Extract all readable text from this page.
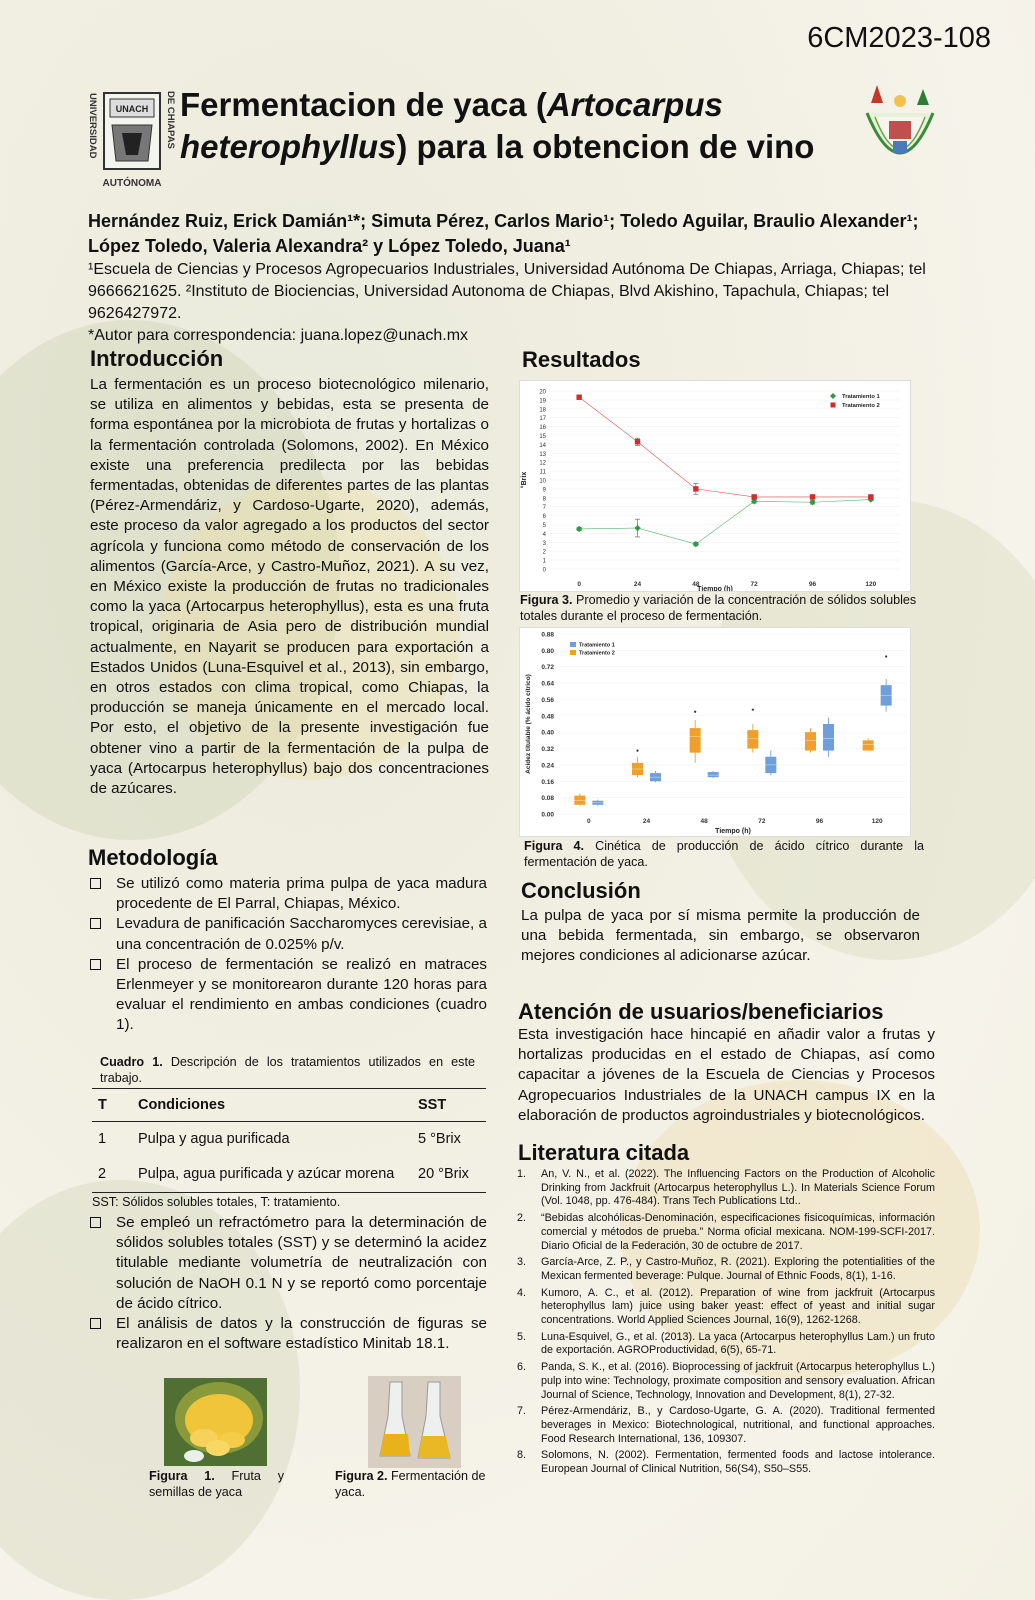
6CM2023-108
UNIVERSIDAD	DE CHIAPAS
UNACH
AUTÓNOMA
Fermentacion de yaca (Artocarpus heterophyllus) para la obtencion de vino
Hernández Ruiz, Erick Damián¹*; Simuta Pérez, Carlos Mario¹; Toledo Aguilar, Braulio Alexander¹; López Toledo, Valeria Alexandra² y López Toledo, Juana¹
¹Escuela de Ciencias y Procesos Agropecuarios Industriales, Universidad Autónoma De Chiapas, Arriaga, Chiapas; tel 9666621625. ²Instituto de Biociencias, Universidad Autonoma de Chiapas, Blvd Akishino, Tapachula, Chiapas; tel 9626427972.
*Autor para correspondencia: juana.lopez@unach.mx
Introducción
La fermentación es un proceso biotecnológico milenario, se utiliza en alimentos y bebidas, esta se presenta de forma espontánea por la microbiota de frutas y hortalizas o la fermentación controlada (Solomons, 2002). En México existe una preferencia predilecta por las bebidas fermentadas, obtenidas de diferentes partes de las plantas (Pérez-Armendáriz, y Cardoso-Ugarte, 2020), además, este proceso da valor agregado a los productos del sector agrícola y funciona como método de conservación de los alimentos (García-Arce, y Castro-Muñoz, 2021). A su vez, en México existe la producción de frutas no tradicionales como la yaca (Artocarpus heterophyllus), esta es una fruta tropical, originaria de Asia pero de distribución mundial actualmente, en Nayarit se producen para exportación a Estados Unidos (Luna-Esquivel et al., 2013), sin embargo, en otros estados con clima tropical, como Chiapas, la producción se maneja únicamente en el mercado local. Por esto, el objetivo de la presente investigación fue obtener vino a partir de la fermentación de la pulpa de yaca (Artocarpus heterophyllus) bajo dos concentraciones de azúcares.
Metodología
Se utilizó como materia prima pulpa de yaca madura procedente de El Parral, Chiapas, México.
Levadura de panificación Saccharomyces cerevisiae, a una concentración de 0.025% p/v.
El proceso de fermentación se realizó en matraces Erlenmeyer y se monitorearon durante 120 horas para evaluar el rendimiento en ambas condiciones (cuadro 1).
Cuadro 1. Descripción de los tratamientos utilizados en este trabajo.
T	Condiciones	SST
1	Pulpa y agua purificada	5 °Brix
2	Pulpa, agua purificada y azúcar morena	20 °Brix
SST: Sólidos solubles totales, T: tratamiento.
Se empleó un refractómetro para la determinación de sólidos solubles totales (SST) y se determinó la acidez titulable mediante volumetría de neutralización con solución de NaOH 0.1 N y se reportó como porcentaje de ácido cítrico.
El análisis de datos y la construcción de figuras se realizaron en el software estadístico Minitab 18.1.
Figura 1. Fruta y semillas de yaca
Figura 2. Fermentación de yaca.
Resultados
0
1
2
3
4
5
6
7
8
9
10
11
12
13
14
15
16
17
18
19
20
0	24	48	72	96	120
Tiempo (h)
°Brix
Tratamiento 1
Tratamiento 2
Figura 3. Promedio y variación de la concentración de sólidos solubles totales durante el proceso de fermentación.
0.00
0.08
0.16
0.24
0.32
0.40
0.48
0.56
0.64
0.72
0.80
0.88
0	24	48	72	96	120
Tiempo (h)
Acidez titulable (% ácido cítrico)
Tratamiento 1
Tratamiento 2
Figura 4. Cinética de producción de ácido cítrico durante la fermentación de yaca.
Conclusión
La pulpa de yaca por sí misma permite la producción de una bebida fermentada, sin embargo, se observaron mejores condiciones al adicionarse azúcar.
Atención de usuarios/beneficiarios
Esta investigación hace hincapié en añadir valor a frutas y hortalizas producidas en el estado de Chiapas, así como capacitar a jóvenes de la Escuela de Ciencias y Procesos Agropecuarios Industriales de la UNACH campus IX en la elaboración de productos agroindustriales y biotecnológicos.
Literatura citada
1. An, V. N., et al. (2022). The Influencing Factors on the Production of Alcoholic Drinking from Jackfruit (Artocarpus heterophyllus L.). In Materials Science Forum (Vol. 1048, pp. 476-484). Trans Tech Publications Ltd..
2. “Bebidas alcohólicas-Denominación, especificaciones fisicoquímicas, información comercial y métodos de prueba.” Norma oficial mexicana. NOM-199-SCFI-2017. Diario Oficial de la Federación, 30 de octubre de 2017.
3. García-Arce, Z. P., y Castro-Muñoz, R. (2021). Exploring the potentialities of the Mexican fermented beverage: Pulque. Journal of Ethnic Foods, 8(1), 1-16.
4. Kumoro, A. C., et al. (2012). Preparation of wine from jackfruit (Artocarpus heterophyllus lam) juice using baker yeast: effect of yeast and initial sugar concentrations. World Applied Sciences Journal, 16(9), 1262-1268.
5. Luna-Esquivel, G., et al. (2013). La yaca (Artocarpus heterophyllus Lam.) un fruto de exportación. AGROProductividad, 6(5), 65-71.
6. Panda, S. K., et al. (2016). Bioprocessing of jackfruit (Artocarpus heterophyllus L.) pulp into wine: Technology, proximate composition and sensory evaluation. African Journal of Science, Technology, Innovation and Development, 8(1), 27-32.
7. Pérez-Armendáriz, B., y Cardoso-Ugarte, G. A. (2020). Traditional fermented beverages in Mexico: Biotechnological, nutritional, and functional approaches. Food Research International, 136, 109307.
8. Solomons, N. (2002). Fermentation, fermented foods and lactose intolerance. European Journal of Clinical Nutrition, 56(S4), S50–S55.
